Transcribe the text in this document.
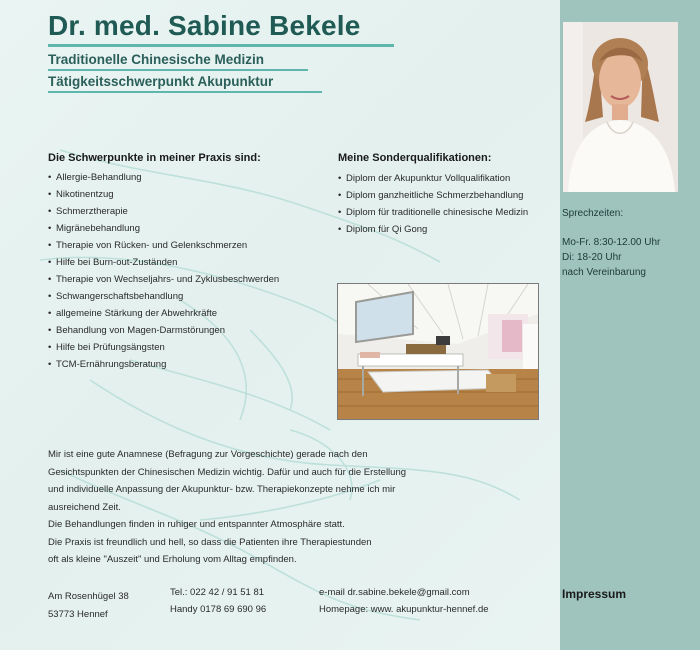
Dr. med. Sabine Bekele
Traditionelle Chinesische Medizin
Tätigkeitsschwerpunkt Akupunktur
Die Schwerpunkte in meiner Praxis sind:
• Allergie-Behandlung
• Nikotinentzug
• Schmerztherapie
• Migränebehandlung
• Therapie von Rücken- und Gelenkschmerzen
• Hilfe bei Burn-out-Zuständen
• Therapie von Wechseljahrs- und Zyklusbeschwerden
• Schwangerschaftsbehandlung
• allgemeine Stärkung der Abwehrkräfte
• Behandlung von Magen-Darmstörungen
• Hilfe bei Prüfungsängsten
• TCM-Ernährungsberatung
Meine Sonderqualifikationen:
• Diplom der Akupunktur Vollqualifikation
• Diplom ganzheitliche Schmerzbehandlung
• Diplom für traditionelle chinesische Medizin
• Diplom für Qi Gong
Mir ist eine gute Anamnese (Befragung zur Vorgeschichte) gerade nach den
Gesichtspunkten der Chinesischen Medizin wichtig. Dafür und auch für die Erstellung
und individuelle Anpassung der Akupunktur- bzw. Therapiekonzepte nehme ich mir
ausreichend Zeit.
Die Behandlungen finden in ruhiger und entspannter Atmosphäre statt.
Die Praxis ist freundlich und hell, so dass die Patienten ihre Therapiestunden
oft als kleine "Auszeit" und Erholung vom Alltag empfinden.
Am Rosenhügel 38
53773 Hennef
Tel.: 022 42 / 91 51 81
Handy 0178 69 690 96
e-mail dr.sabine.bekele@gmail.com
Homepage: www. akupunktur-hennef.de
Sprechzeiten:
Mo-Fr. 8:30-12.00 Uhr
Di: 18-20 Uhr
nach Vereinbarung
Impressum
